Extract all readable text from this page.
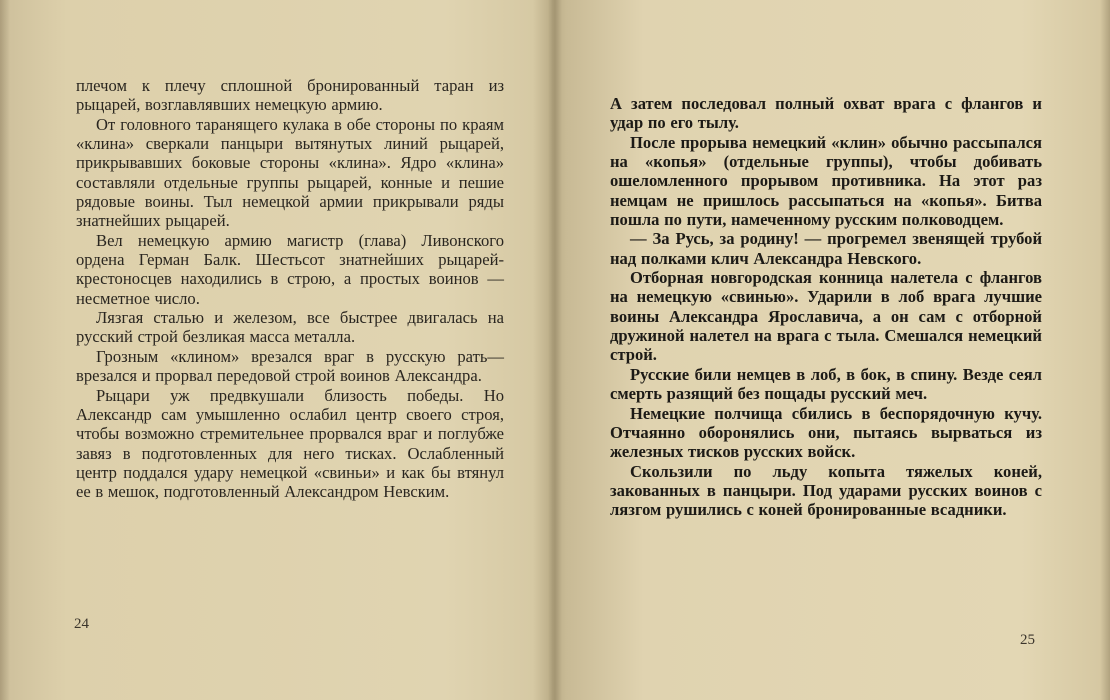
плечом к плечу сплошной бронированный таран из рыцарей, возглавлявших немецкую армию.

От головного таранящего кулака в обе стороны по краям «клина» сверкали панцыри вытянутых линий рыцарей, прикрывавших боковые стороны «клина». Ядро «клина» составляли отдельные группы рыцарей, конные и пешие рядовые воины. Тыл немецкой армии прикрывали ряды знатнейших рыцарей.

Вел немецкую армию магистр (глава) Ливонского ордена Герман Балк. Шестьсот знатнейших рыцарей-крестоносцев находились в строю, а простых воинов — несметное число.

Лязгая сталью и железом, все быстрее двигалась на русский строй безликая масса металла.

Грозным «клином» врезался враг в русскую рать—врезался и прорвал передовой строй воинов Александра.

Рыцари уж предвкушали близость победы. Но Александр сам умышленно ослабил центр своего строя, чтобы возможно стремительнее прорвался враг и поглубже завяз в подготовленных для него тисках. Ослабленный центр поддался удару немецкой «свиньи» и как бы втянул ее в мешок, подготовленный Александром Невским.

24

А затем последовал полный охват врага с флангов и удар по его тылу.

После прорыва немецкий «клин» обычно рассыпался на «копья» (отдельные группы), чтобы добивать ошеломленного прорывом противника. На этот раз немцам не пришлось рассыпаться на «копья». Битва пошла по пути, намеченному русским полководцем.

— За Русь, за родину! — прогремел звенящей трубой над полками клич Александра Невского.

Отборная новгородская конница налетела с флангов на немецкую «свинью». Ударили в лоб врага лучшие воины Александра Ярославича, а он сам с отборной дружиной налетел на врага с тыла. Смешался немецкий строй.

Русские били немцев в лоб, в бок, в спину. Везде сеял смерть разящий без пощады русский меч.

Немецкие полчища сбились в беспорядочную кучу. Отчаянно оборонялись они, пытаясь вырваться из железных тисков русских войск.

Скользили по льду копыта тяжелых коней, закованных в панцыри. Под ударами русских воинов с лязгом рушились с коней бронированные всадники.

25
